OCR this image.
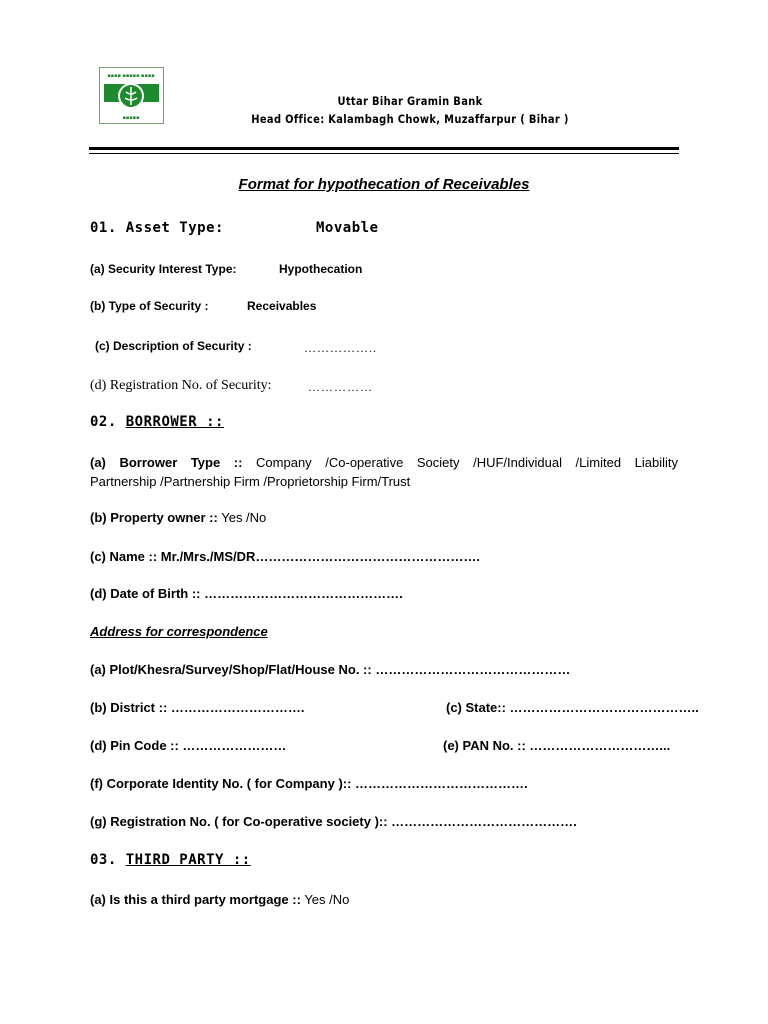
▪▪▪▪ ▪▪▪▪▪ ▪▪▪▪
▪▪▪▪▪
Uttar Bihar Gramin Bank
Head Office: Kalambagh Chowk, Muzaffarpur ( Bihar )
Format for hypothecation of Receivables
01. Asset Type:	Movable
(a) Security Interest Type:	Hypothecation
(b) Type of Security :	Receivables
(c) Description of Security :	……………..
(d) Registration No. of Security:	……………
02. BORROWER ::
(a) Borrower Type :: Company /Co-operative Society /HUF/Individual /Limited Liability
Partnership /Partnership Firm /Proprietorship Firm/Trust
(b) Property owner :: Yes /No
(c) Name :: Mr./Mrs./MS/DR…………………………………………….
(d) Date of Birth :: ……………………………………….
Address for correspondence
(a) Plot/Khesra/Survey/Shop/Flat/House No. :: ………………………………………
(b) District :: ………………………….	(c) State:: ……………………………………..
(d) Pin Code :: ……………………	(e) PAN No. :: …………………………...
(f) Corporate Identity No. ( for Company ):: ………………………………….
(g) Registration No. ( for Co-operative society ):: …………………………………….
03. THIRD PARTY ::
(a) Is this a third party mortgage :: Yes /No
